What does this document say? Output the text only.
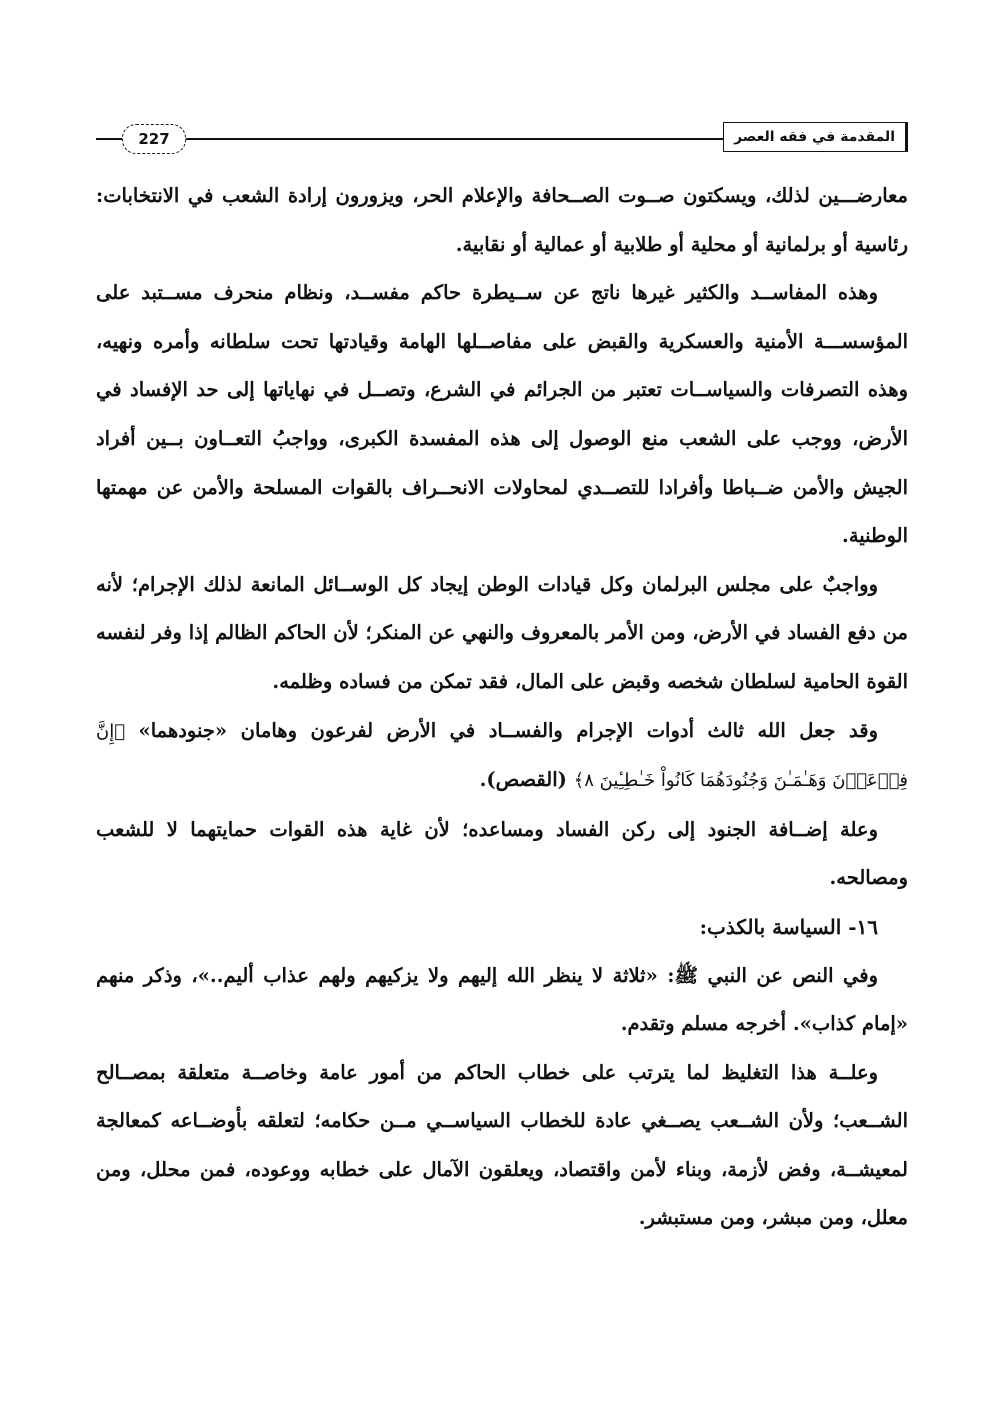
227	المقدمة في فقه العصر

معارضـــين لذلك، ويسكتون صــوت الصــحافة والإعلام الحر، ويزورون إرادة الشعب في الانتخابات: رئاسية أو برلمانية أو محلية أو طلابية أو عمالية أو نقابية.

وهذه المفاســد والكثير غيرها ناتج عن ســيطرة حاكم مفســد، ونظام منحرف مســتبد على المؤسســـة الأمنية والعسكرية والقبض على مفاصــلها الهامة وقيادتها تحت سلطانه وأمره ونهيه، وهذه التصرفات والسياســات تعتبر من الجرائم في الشرع، وتصــل في نهاياتها إلى حد الإفساد في الأرض، ووجب على الشعب منع الوصول إلى هذه المفسدة الكبرى، وواجبُ التعــاون بــين أفراد الجيش والأمن ضــباطا وأفرادا للتصــدي لمحاولات الانحــراف بالقوات المسلحة والأمن عن مهمتها الوطنية.

وواجبٌ على مجلس البرلمان وكل قيادات الوطن إيجاد كل الوســائل المانعة لذلك الإجرام؛ لأنه من دفع الفساد في الأرض، ومن الأمر بالمعروف والنهي عن المنكر؛ لأن الحاكم الظالم إذا وفر لنفسه القوة الحامية لسلطان شخصه وقبض على المال، فقد تمكن من فساده وظلمه.

وقد جعل الله ثالث أدوات الإجرام والفســاد في الأرض لفرعون وهامان «جنودهما» ﴿إِنَّ فِرۡعَوۡنَ وَهَـٰمَـٰنَ وَجُنُودَهُمَا كَانُواْ خَـٰطِـِٔينَ ٨﴾ (القصص).

وعلة إضــافة الجنود إلى ركن الفساد ومساعده؛ لأن غاية هذه القوات حمايتهما لا للشعب ومصالحه.

١٦- السياسة بالكذب:

وفي النص عن النبي ﷺ: «ثلاثة لا ينظر الله إليهم ولا يزكيهم ولهم عذاب أليم..»، وذكر منهم «إمام كذاب». أخرجه مسلم وتقدم.

وعلــة هذا التغليظ لما يترتب على خطاب الحاكم من أمور عامة وخاصــة متعلقة بمصــالح الشــعب؛ ولأن الشــعب يصــغي عادة للخطاب السياســي مــن حكامه؛ لتعلقه بأوضــاعه كمعالجة لمعيشــة، وفض لأزمة، وبناء لأمن واقتصاد، ويعلقون الآمال على خطابه ووعوده، فمن محلل، ومن معلل، ومن مبشر، ومن مستبشر.
